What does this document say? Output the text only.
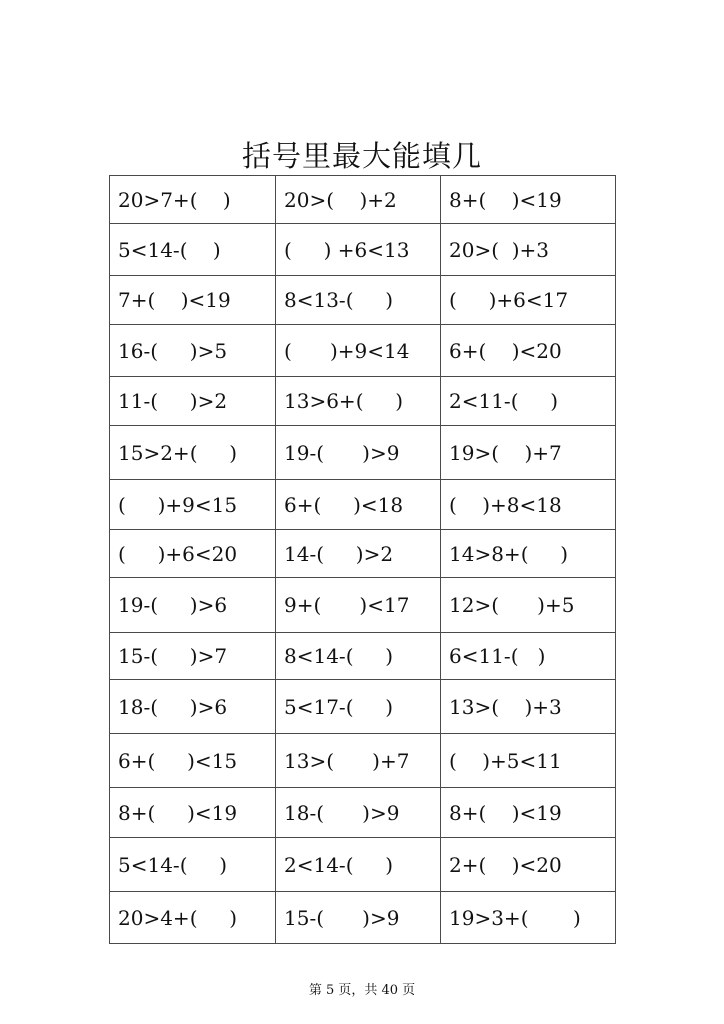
括号里最大能填几
20>7+(    )	20>(    )+2	8+(    )<19

5<14-(    )	(     ) +6<13	20>(  )+3

7+(    )<19	8<13-(     )	(     )+6<17

16-(     )>5	(      )+9<14	6+(    )<20

11-(     )>2	13>6+(     )	2<11-(     )

15>2+(     )	19-(      )>9	19>(    )+7

(     )+9<15	6+(     )<18	(    )+8<18

(     )+6<20	14-(     )>2	14>8+(     )

19-(     )>6	9+(      )<17	12>(      )+5

15-(     )>7	8<14-(     )	6<11-(   )

18-(     )>6	5<17-(     )	13>(    )+3

6+(     )<15	13>(      )+7	(    )+5<11

8+(     )<19	18-(      )>9	8+(    )<19

5<14-(     )	2<14-(     )	2+(    )<20

20>4+(     )	15-(      )>9	19>3+(       )
第 5 页，共 40 页
